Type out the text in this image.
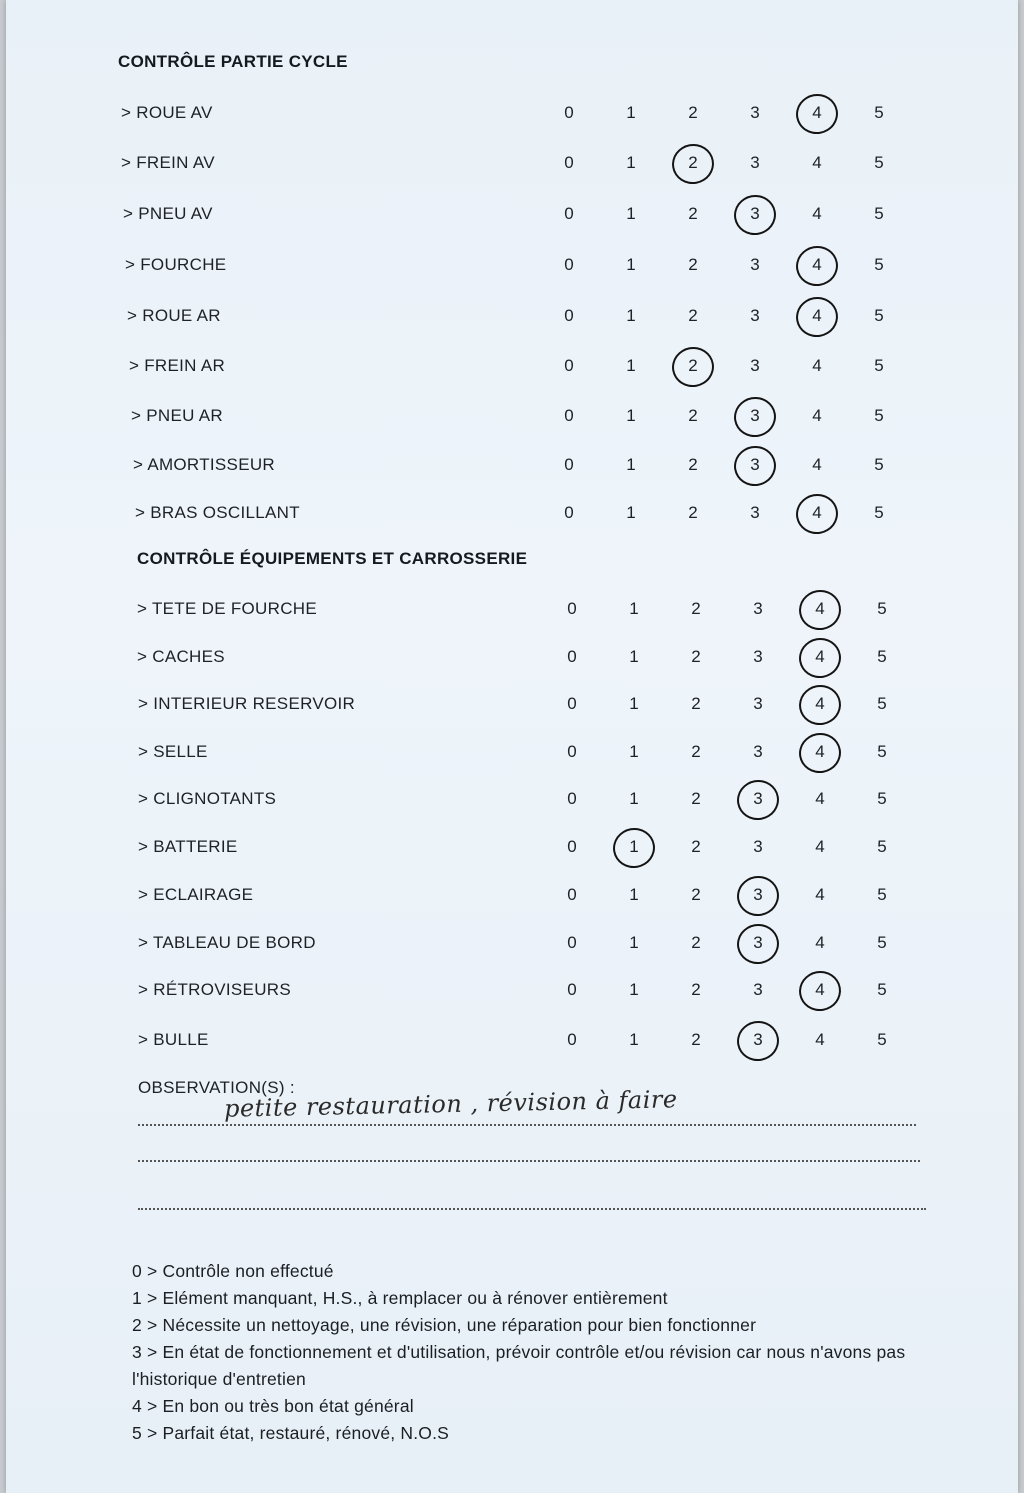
CONTRÔLE PARTIE CYCLE
CONTRÔLE ÉQUIPEMENTS ET CARROSSERIE
> ROUE AV	0	1	2	3	4	5
> FREIN AV	0	1	2	3	4	5
> PNEU AV	0	1	2	3	4	5
> FOURCHE	0	1	2	3	4	5
> ROUE AR	0	1	2	3	4	5
> FREIN AR	0	1	2	3	4	5
> PNEU AR	0	1	2	3	4	5
> AMORTISSEUR	0	1	2	3	4	5
> BRAS OSCILLANT	0	1	2	3	4	5
> TETE DE FOURCHE	0	1	2	3	4	5
> CACHES	0	1	2	3	4	5
> INTERIEUR RESERVOIR	0	1	2	3	4	5
> SELLE	0	1	2	3	4	5
> CLIGNOTANTS	0	1	2	3	4	5
> BATTERIE	0	1	2	3	4	5
> ECLAIRAGE	0	1	2	3	4	5
> TABLEAU DE BORD	0	1	2	3	4	5
> RÉTROVISEURS	0	1	2	3	4	5
> BULLE	0	1	2	3	4	5
OBSERVATION(S) :
petite restauration , révision à faire
0 > Contrôle non effectué
1 > Elément manquant, H.S., à remplacer ou à rénover entièrement
2 > Nécessite un nettoyage, une révision, une réparation pour bien fonctionner
3 > En état de fonctionnement et d'utilisation, prévoir contrôle et/ou révision car nous n'avons pas l'historique d'entretien
4 > En bon ou très bon état général
5 > Parfait état, restauré, rénové, N.O.S
